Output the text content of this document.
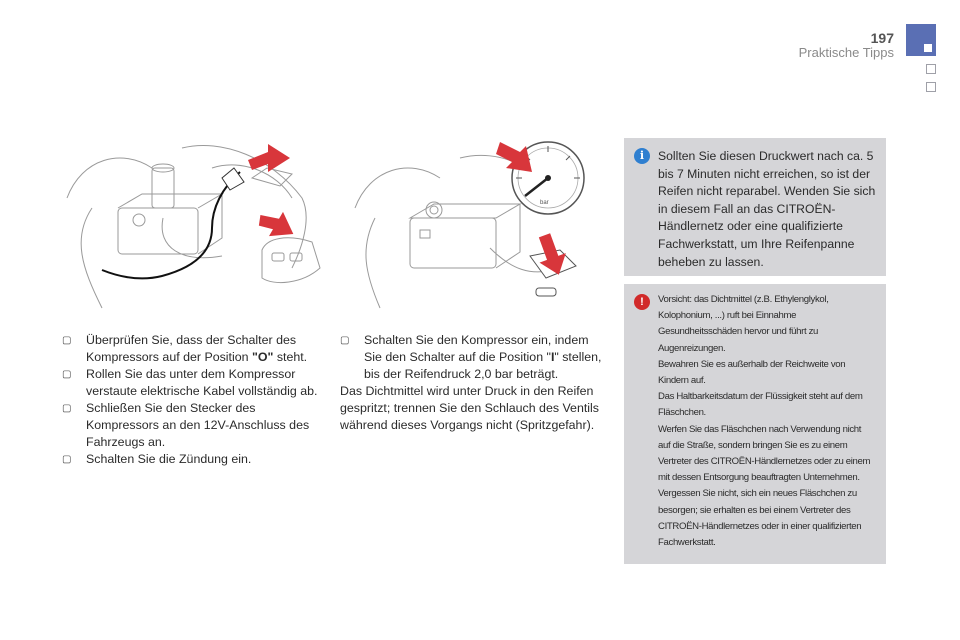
197
Praktische Tipps
bar

▢ Überprüfen Sie, dass der Schalter des Kompressors auf der Position "O" steht.

▢ Rollen Sie das unter dem Kompressor verstaute elektrische Kabel vollständig ab.

▢ Schließen Sie den Stecker des Kompressors an den 12V-Anschluss des Fahrzeugs an.

▢ Schalten Sie die Zündung ein.

▢ Schalten Sie den Kompressor ein, indem Sie den Schalter auf die Position "I" stellen, bis der Reifendruck 2,0 bar beträgt.

Das Dichtmittel wird unter Druck in den Reifen gespritzt; trennen Sie den Schlauch des Ventils während dieses Vorgangs nicht (Spritzgefahr).

i	Sollten Sie diesen Druckwert nach ca. 5 bis 7 Minuten nicht erreichen, so ist der Reifen nicht reparabel. Wenden Sie sich in diesem Fall an das CITROËN-Händlernetz oder eine qualifizierte Fachwerkstatt, um Ihre Reifenpanne beheben zu lassen.
!	Vorsicht: das Dichtmittel (z.B. Ethylenglykol,
Kolophonium, ...) ruft bei Einnahme
Gesundheitsschäden hervor und führt zu
Augenreizungen.
Bewahren Sie es außerhalb der Reichweite von
Kindern auf.
Das Haltbarkeitsdatum der Flüssigkeit steht auf dem
Fläschchen.
Werfen Sie das Fläschchen nach Verwendung nicht
auf die Straße, sondern bringen Sie es zu einem
Vertreter des CITROËN-Händlernetzes oder zu einem
mit dessen Entsorgung beauftragten Unternehmen.
Vergessen Sie nicht, sich ein neues Fläschchen zu
besorgen; sie erhalten es bei einem Vertreter des
CITROËN-Händlernetzes oder in einer qualifizierten
Fachwerkstatt.
